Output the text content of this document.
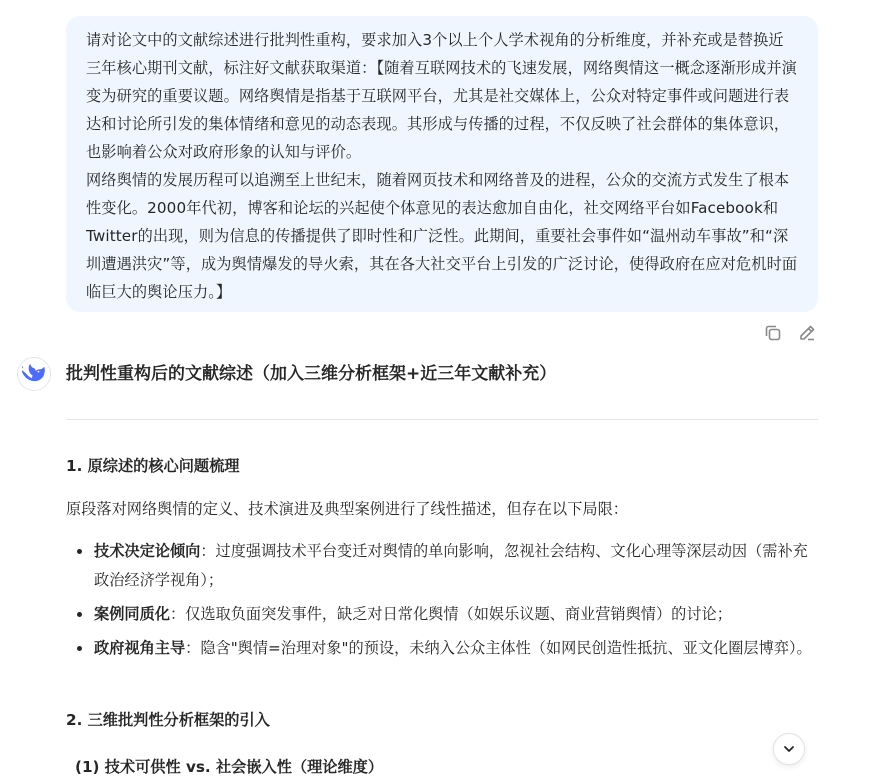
请对论文中的文献综述进行批判性重构，要求加入3个以上个人学术视角的分析维度，并补充或是替换近三年核心期刊文献，标注好文献获取渠道：【随着互联网技术的飞速发展，网络舆情这一概念逐渐形成并演变为研究的重要议题。网络舆情是指基于互联网平台，尤其是社交媒体上，公众对特定事件或问题进行表达和讨论所引发的集体情绪和意见的动态表现。其形成与传播的过程，不仅反映了社会群体的集体意识，也影响着公众对政府形象的认知与评价。

网络舆情的发展历程可以追溯至上世纪末，随着网页技术和网络普及的进程，公众的交流方式发生了根本性变化。2000年代初，博客和论坛的兴起使个体意见的表达愈加自由化，社交网络平台如Facebook和Twitter的出现，则为信息的传播提供了即时性和广泛性。此期间，重要社会事件如“温州动车事故”和“深圳遭遇洪灾”等，成为舆情爆发的导火索，其在各大社交平台上引发的广泛讨论，使得政府在应对危机时面临巨大的舆论压力。】

批判性重构后的文献综述（加入三维分析框架+近三年文献补充）

1. 原综述的核心问题梳理
原段落对网络舆情的定义、技术演进及典型案例进行了线性描述，但存在以下局限：
技术决定论倾向：过度强调技术平台变迁对舆情的单向影响，忽视社会结构、文化心理等深层动因（需补充政治经济学视角）；
案例同质化：仅选取负面突发事件，缺乏对日常化舆情（如娱乐议题、商业营销舆情）的讨论；
政府视角主导：隐含"舆情=治理对象"的预设，未纳入公众主体性（如网民创造性抵抗、亚文化圈层博弈）。
2. 三维批判性分析框架的引入
(1) 技术可供性 vs. 社会嵌入性（理论维度）
